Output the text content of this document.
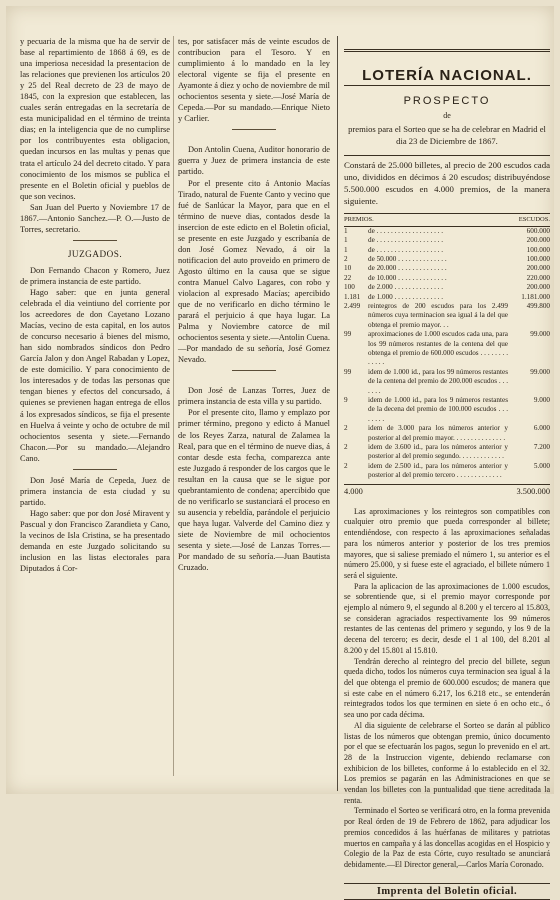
y pecuaria de la misma que ha de servir de base al repartimiento de 1868 á 69, es de una imperiosa necesidad la presentacion de las relaciones que previenen los artículos 20 y 25 del Real decreto de 23 de mayo de 1845, con la expresion que establecen, las cuales serán entregadas en la secretaría de esta municipalidad en el término de treinta dias; en la inteligencia que de no cumplirse por los contribuyentes esta obligacion, quedan incursos en las multas y penas que trata el artículo 24 del decreto citado. Y para conocimiento de los mismos se publica el presente en el Boletin oficial y pueblos de que son vecinos.

San Juan del Puerto y Noviembre 17 de 1867.—Antonio Sanchez.—P. O.—Justo de Torres, secretario.

JUZGADOS.

Don Fernando Chacon y Romero, Juez de primera instancia de este partido.

Hago saber: que en junta general celebrada el dia veintiuno del corriente por los acreedores de don Cayetano Lozano Macías, vecino de esta capital, en los autos de concurso necesario á bienes del mismo, han sido nombrados síndicos don Pedro García Jalon y don Angel Rabadan y Lopez, de este domicilio. Y para conocimiento de los interesados y de todas las personas que tengan bienes y efectos del concursado, á quienes se previenen hagan entrega de ellos á los expresados síndicos, se fija el presente en Huelva á veinte y ocho de octubre de mil ochocientos sesenta y siete.—Fernando Chacon.—Por su mandado.—Alejandro Cano.

Don José María de Cepeda, Juez de primera instancia de esta ciudad y su partido.

Hago saber: que por don José Miravent y Pascual y don Francisco Zarandieta y Cano, la vecinos de Isla Cristina, se ha presentado demanda en este Juzgado solicitando su inclusion en las listas electorales para Diputados á Cor-

tes, por satisfacer más de veinte escudos de contribucion para el Tesoro. Y en cumplimiento á lo mandado en la ley electoral vigente se fija el presente en Ayamonte á diez y ocho de noviembre de mil ochocientos sesenta y siete.—José María de Cepeda.—Por su mandado.—Enrique Nieto y Carlier.

Don Antolin Cuena, Auditor honorario de guerra y Juez de primera instancia de este partido.

Por el presente cito á Antonio Macías Tirado, natural de Fuente Canto y vecino que fué de Sanlúcar la Mayor, para que en el término de nueve dias, contados desde la insercion de este edicto en el Boletin oficial, se presente en este Juzgado y escribanía de don José Gomez Nevado, á oir la notificacion del auto proveido en primero de Agosto último en la causa que se sigue contra Manuel Calvo Lagares, con robo y violacion al expresado Macías; apercibido que de no verificarlo en dicho término le parará el perjuicio á que haya lugar. La Palma y Noviembre catorce de mil ochocientos sesenta y siete.—Antolin Cuena.—Por mandado de su señoría, José Gomez Nevado.

Don José de Lanzas Torres, Juez de primera instancia de esta villa y su partido.

Por el presente cito, llamo y emplazo por primer término, pregono y edicto á Manuel de los Reyes Zarza, natural de Zalamea la Real, para que en el término de nueve dias, á contar desde esta fecha, comparezca ante este Juzgado á responder de los cargos que le resultan en la causa que se le sigue por quebrantamiento de condena; apercibido que de no verificarlo se sustanciará el proceso en su ausencia y rebeldía, parándole el perjuicio que haya lugar. Valverde del Camino diez y siete de Noviembre de mil ochocientos sesenta y siete.—José de Lanzas Torres.—Por mandado de su señoría.—Juan Bautista Cruzado.

LOTERÍA NACIONAL.
PROSPECTO
de
premios para el Sorteo que se ha de celebrar en Madrid el dia 23 de Diciembre de 1867.

Constará de 25.000 billetes, al precio de 200 escudos cada uno, divididos en décimos á 20 escudos; distribuyéndose 5.500.000 escudos en 4.000 premios, de la manera siguiente.

PREMIOS.		ESCUDOS.
1	de . . . . . . . . . . . . . . . . . . .	600.000
1	de . . . . . . . . . . . . . . . . . . .	200.000
1	de . . . . . . . . . . . . . . . . . . .	100.000
2	de 50.000 . . . . . . . . . . . . . .	100.000
10	de 20.000 . . . . . . . . . . . . . .	200.000
22	de 10.000 . . . . . . . . . . . . . .	220.000
100	de 2.000 . . . . . . . . . . . . . .	200.000
1.181	de 1.000 . . . . . . . . . . . . . .	1.181.000
2.499	reintegros de 200 escudos para los 2.499 números cuya terminacion sea igual á la del que obtenga el premio mayor. . .	499.800
99	aproximaciones de 1.000 escudos cada una, para los 99 números restantes de la centena del que obtenga el premio de 600.000 escudos . . . . . . . . . . . . .	99.000
99	idem de 1.000 id., para los 99 números restantes de la centena del premio de 200.000 escudos . . . . . . .	99.000
9	idem de 1.000 id., para los 9 números restantes de la decena del premio de 100.000 escudos . . . . . . . .	9.000
2	idem de 3.000 para los números anterior y posterior al del premio mayor. . . . . . . . . . . . . . .	6.000
2	idem de 3.600 id., para los números anterior y posterior al del premio segundo. . . . . . . . . . . . .	7.200
2	idem de 2.500 id., para los números anterior y posterior al del premio tercero . . . . . . . . . . . . .	5.000
4.000	3.500.000

Las aproximaciones y los reintegros son compatibles con cualquier otro premio que pueda corresponder al billete; entendiéndose, con respecto á las aproximaciones señaladas para los números anterior y posterior de los tres premios mayores, que si saliese premiado el número 1, su anterior es el número 25.000, y si fuese este el agraciado, el billete número 1 será el siguiente.

Para la aplicacion de las aproximaciones de 1.000 escudos, se sobrentiende que, si el premio mayor corresponde por ejemplo al número 9, el segundo al 8.200 y el tercero al 15.803, se consideran agraciados respectivamente los 99 números restantes de las centenas del primero y segundo, y los 9 de la decena del tercero; es decir, desde el 1 al 100, del 8.201 al 8.200 y del 15.801 al 15.810.

Tendrán derecho al reintegro del precio del billete, segun queda dicho, todos los números cuya terminacion sea igual á la del que obtenga el premio de 600.000 escudos; de manera que si este cabe en el número 6.217, los 6.218 etc., se entenderán reintegrados todos los que terminen en siete ó en ocho etc., ó sea uno por cada décima.

Al dia siguiente de celebrarse el Sorteo se darán al público listas de los números que obtengan premio, único documento por el que se efectuarán los pagos, segun lo prevenido en el art. 28 de la Instruccion vigente, debiendo reclamarse con exhibicion de los billetes, conforme á lo establecido en el 32. Los premios se pagarán en las Administraciones en que se vendan los billetes con la puntualidad que tiene acreditada la renta.

Terminado el Sorteo se verificará otro, en la forma prevenida por Real órden de 19 de Febrero de 1862, para adjudicar los premios concedidos á las huérfanas de militares y patriotas muertos en campaña y á las doncellas acogidas en el Hospicio y Colegio de la Paz de esta Córte, cuyo resultado se anunciará debidamente.—El Director general,—Carlos María Coronado.

Imprenta del Boletin oficial.
